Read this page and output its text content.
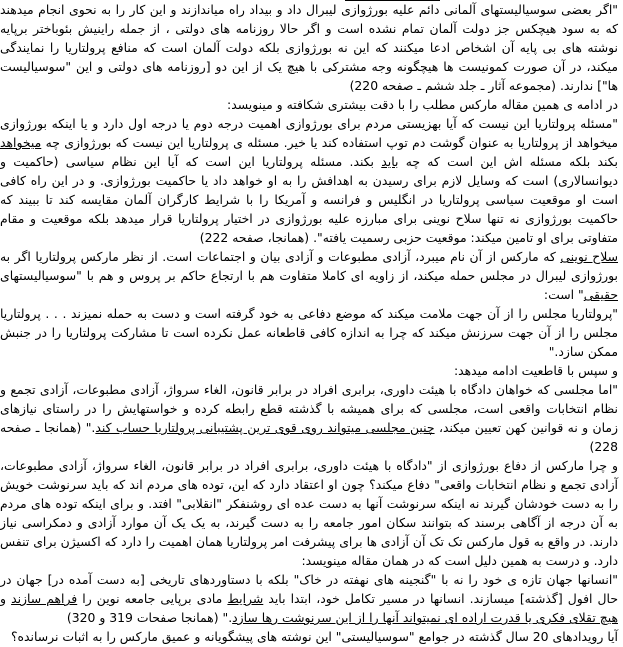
"اگر بعضی سوسیالیستهای آلمانی دائم علیه بورژوازی لیبرال داد و بیداد راه میاندازند و این کار را به نحوی انجام میدهند که به سود هیچکس جز دولت آلمان تمام نشده است و اگر حالا روزنامه های دولتی ، از جمله راینیش بئوباختر برپایه نوشته های بی پایه آن اشخاص ادعا میکنند که این نه بورژوازی بلکه دولت آلمان است که منافع پرولتاریا را نمایندگی میکند، در آن صورت کمونیست ها هیچگونه وجه مشترکی با هیچ یک از این دو [روزنامه های دولتی و این "سوسیالیست ها"] ندارند. (مجموعه آثار ـ جلد ششم ـ صفحه 220)

در ادامه ی همین مقاله مارکس مطلب را با دقت بیشتری شکافته و مینویسد:

"مسئله پرولتاریا این نیست که آیا بهزیستی مردم برای بورژوازی اهمیت درجه دوم یا درجه اول دارد و یا اینکه بورژوازی میخواهد از پرولتاریا به عنوان گوشت دم توپ استفاده کند یا خیر. مسئله ی پرولتاریا این نیست که بورژوازی چه میخواهد بکند بلکه مسئله اش این است که چه باید بکند. مسئله پرولتاریا این است که آیا این نظام سیاسی (حاکمیت و دیوانسالاری) است که وسایل لازم برای رسیدن به اهدافش را به او خواهد داد یا حاکمیت بورژوازی. و در این راه کافی است او موقعیت سیاسی پرولتاریا در انگلیس و فرانسه و آمریکا را با شرایط کارگران آلمان مقایسه کند تا ببیند که حاکمیت بورژوازی نه تنها سلاح نوینی برای مبارزه علیه بورژوازی در اختیار پرولتاریا قرار میدهد بلکه موقعیت و مقام متفاوتی برای او تامین میکند: موقعیت حزبی رسمیت یافته". (همانجا، صفحه 222)

سلاح نوینی که مارکس از آن نام میبرد، آزادی مطبوعات و آزادی بیان و اجتماعات است. از نظر مارکس پرولتاریا اگر به بورژوازی لیبرال در مجلس حمله میکند، از زاویه ای کاملا متفاوت هم با ارتجاع حاکم بر پروس و هم با "سوسیالیستهای حقیقی" است:

"پرولتاریا مجلس را از آن جهت ملامت میکند که موضع دفاعی به خود گرفته است و دست به حمله نمیزند . . . پرولتاریا مجلس را از آن جهت سرزنش میکند که چرا به اندازه کافی قاطعانه عمل نکرده است تا مشارکت پرولتاریا را در جنبش ممکن سازد."

و سپس با قاطعیت ادامه میدهد:

"اما مجلسی که خواهان دادگاه با هیئت داوری، برابری افراد در برابر قانون، الغاء سرواژ، آزادی مطبوعات، آزادی تجمع و نظام انتخابات واقعی است، مجلسی که برای همیشه با گذشته قطع رابطه کرده و خواستهایش را در راستای نیازهای زمان و نه قوانین کهن تعیین میکند، چنین مجلسی میتواند روی قوی ترین پشتیبانی پرولتاریا حساب کند." (همانجا ـ صفحه 228)

و چرا مارکس از دفاع بورژوازی از "دادگاه با هیئت داوری، برابری افراد در برابر قانون، الغاء سرواژ، آزادی مطبوعات، آزادی تجمع و نظام انتخابات واقعی" دفاع میکند؟ چون او اعتقاد دارد که این، توده های مردم اند که باید سرنوشت خویش را به دست خودشان گیرند نه اینکه سرنوشت آنها به دست عده ای روشنفکر "انقلابی" افتد. و برای اینکه توده های مردم به آن درجه از آگاهی برسند که بتوانند سکان امور جامعه را به دست گیرند، به یک یک آن موارد آزادی و دمکراسی نیاز دارند. در واقع به قول مارکس تک تک آن آزادی ها برای پیشرفت امر پرولتاریا همان اهمیت را دارد که اکسیژن برای تنفس دارد. و درست به همین دلیل است که در همان مقاله مینویسد:

"انسانها جهان تازه ی خود را نه با "گنجینه های نهفته در خاک" بلکه با دستاوردهای تاریخی [به دست آمده در] جهان در حال افول [گذشته] میسازند. انسانها در مسیر تکامل خود، ابتدا باید شرایط مادی برپایی جامعه نوین را فراهم سازند و هیچ تقلای فکری یا قدرت اراده ای نمیتواند آنها را از این سرنوشت رها سازد." (همانجا صفحات 319 و 320)

آیا رویدادهای 20 سال گذشته در جوامع "سوسیالیستی" این نوشته های پیشگویانه و عمیق مارکس را به اثبات نرسانده؟
